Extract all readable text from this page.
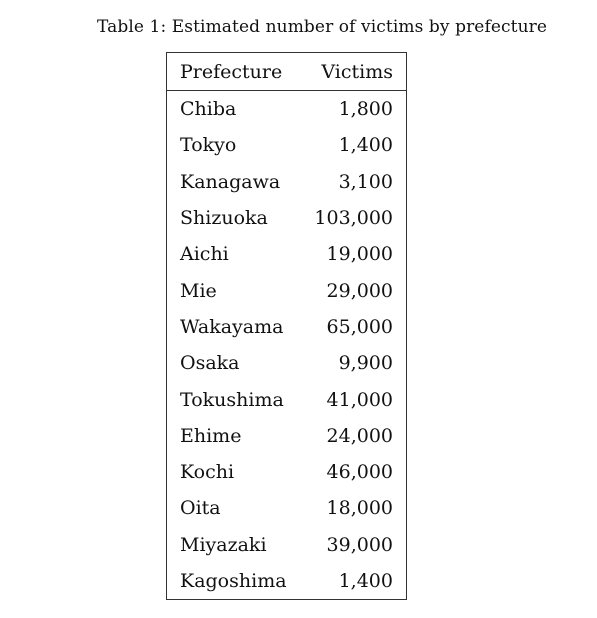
Table 1: Estimated number of victims by prefecture
Prefecture	Victims
Chiba	1,800
Tokyo	1,400
Kanagawa	3,100
Shizuoka	103,000
Aichi	19,000
Mie	29,000
Wakayama	65,000
Osaka	9,900
Tokushima	41,000
Ehime	24,000
Kochi	46,000
Oita	18,000
Miyazaki	39,000
Kagoshima	1,400
